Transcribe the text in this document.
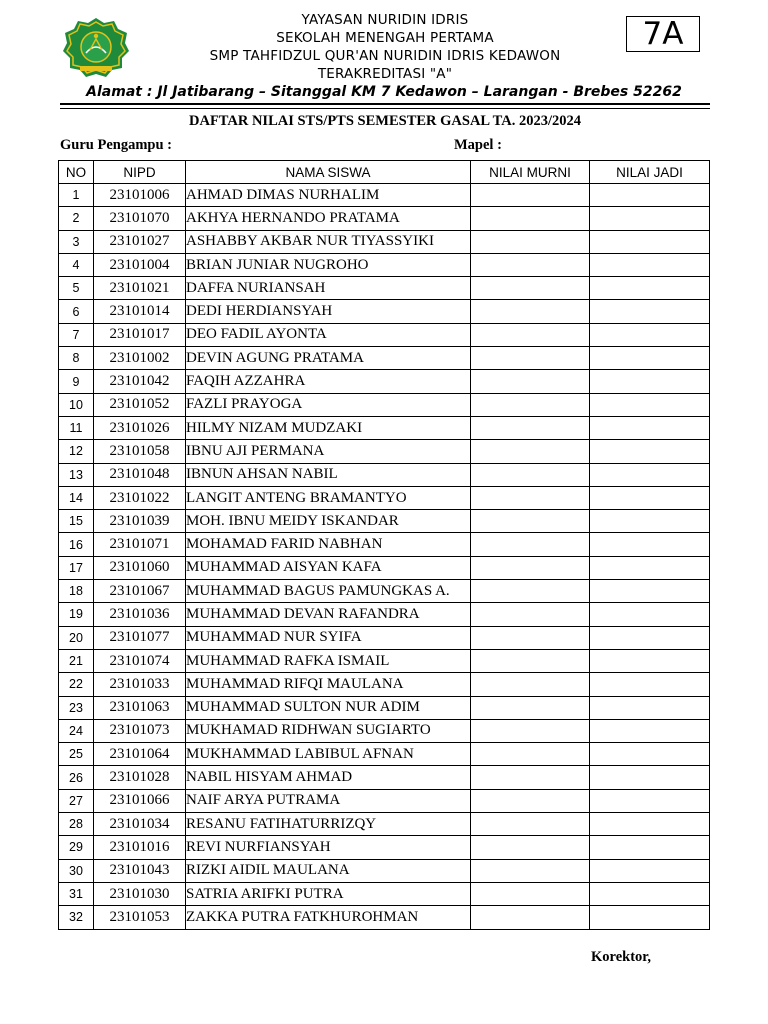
YAYASAN NURIDIN IDRIS
SEKOLAH MENENGAH PERTAMA
SMP TAHFIDZUL QUR'AN NURIDIN IDRIS KEDAWON
TERAKREDITASI "A"
7A
Alamat : Jl Jatibarang – Sitanggal KM 7 Kedawon – Larangan - Brebes 52262
DAFTAR NILAI STS/PTS SEMESTER GASAL TA. 2023/2024
Guru Pengampu :	Mapel :
NO	NIPD	NAMA SISWA	NILAI MURNI	NILAI JADI
1	23101006	AHMAD DIMAS NURHALIM		
2	23101070	AKHYA HERNANDO PRATAMA		
3	23101027	ASHABBY AKBAR NUR TIYASSYIKI		
4	23101004	BRIAN JUNIAR NUGROHO		
5	23101021	DAFFA NURIANSAH		
6	23101014	DEDI HERDIANSYAH		
7	23101017	DEO FADIL AYONTA		
8	23101002	DEVIN AGUNG PRATAMA		
9	23101042	FAQIH AZZAHRA		
10	23101052	FAZLI PRAYOGA		
11	23101026	HILMY NIZAM MUDZAKI		
12	23101058	IBNU AJI PERMANA		
13	23101048	IBNUN AHSAN NABIL		
14	23101022	LANGIT ANTENG BRAMANTYO		
15	23101039	MOH. IBNU MEIDY ISKANDAR		
16	23101071	MOHAMAD FARID NABHAN		
17	23101060	MUHAMMAD AISYAN KAFA		
18	23101067	MUHAMMAD BAGUS PAMUNGKAS A.		
19	23101036	MUHAMMAD DEVAN RAFANDRA		
20	23101077	MUHAMMAD NUR SYIFA		
21	23101074	MUHAMMAD RAFKA ISMAIL		
22	23101033	MUHAMMAD RIFQI MAULANA		
23	23101063	MUHAMMAD SULTON NUR ADIM		
24	23101073	MUKHAMAD RIDHWAN SUGIARTO		
25	23101064	MUKHAMMAD LABIBUL AFNAN		
26	23101028	NABIL HISYAM AHMAD		
27	23101066	NAIF ARYA PUTRAMA		
28	23101034	RESANU FATIHATURRIZQY		
29	23101016	REVI NURFIANSYAH		
30	23101043	RIZKI AIDIL MAULANA		
31	23101030	SATRIA ARIFKI PUTRA		
32	23101053	ZAKKA PUTRA FATKHUROHMAN		
Korektor,
